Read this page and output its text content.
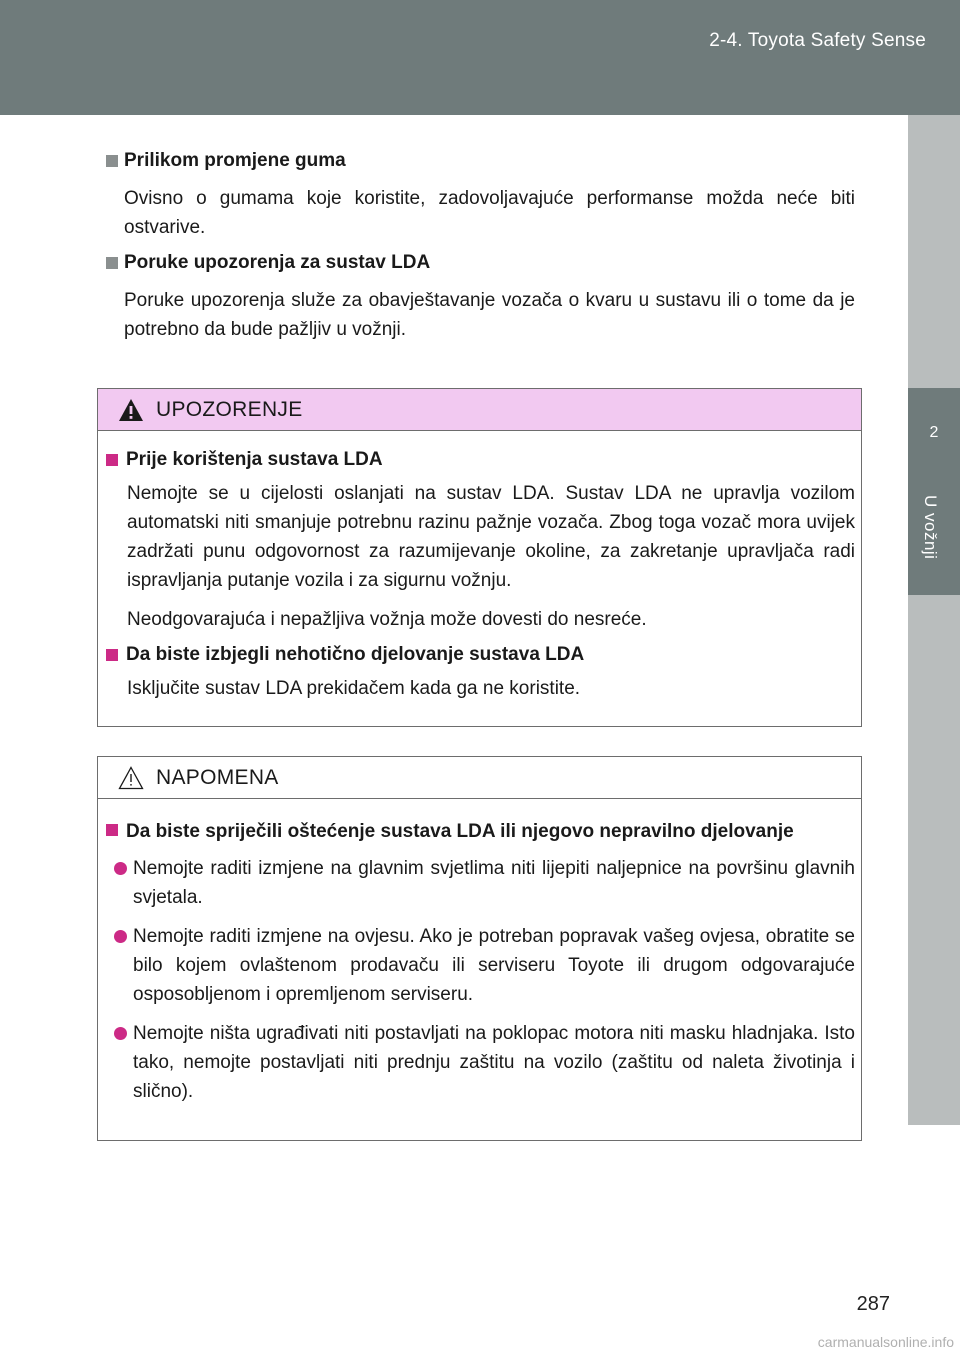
2-4. Toyota Safety Sense
2
U vožnji
Prilikom promjene guma

Ovisno o gumama koje koristite, zadovoljavajuće performanse možda neće biti ostvarive.

Poruke upozorenja za sustav LDA

Poruke upozorenja služe za obavještavanje vozača o kvaru u sustavu ili o tome da je potrebno da bude pažljiv u vožnji.

UPOZORENJE
Prije korištenja sustava LDA

Nemojte se u cijelosti oslanjati na sustav LDA. Sustav LDA ne upravlja vozilom automatski niti smanjuje potrebnu razinu pažnje vozača. Zbog toga vozač mora uvijek zadržati punu odgovornost za razumijevanje okoline, za zakretanje upravljača radi ispravljanja putanje vozila i za sigurnu vožnju.

Neodgovarajuća i nepažljiva vožnja može dovesti do nesreće.

Da biste izbjegli nehotično djelovanje sustava LDA

Isključite sustav LDA prekidačem kada ga ne koristite.

NAPOMENA
Da biste spriječili oštećenje sustava LDA ili njegovo nepravilno djelovanje
Nemojte raditi izmjene na glavnim svjetlima niti lijepiti naljepnice na površinu glavnih svjetala.
Nemojte raditi izmjene na ovjesu. Ako je potreban popravak vašeg ovjesa, obratite se bilo kojem ovlaštenom prodavaču ili serviseru Toyote ili drugom odgovarajuće osposobljenom i opremljenom serviseru.
Nemojte ništa ugrađivati niti postavljati na poklopac motora niti masku hladnjaka. Isto tako, nemojte postavljati niti prednju zaštitu na vozilo (zaštitu od naleta životinja i slično).
287
carmanualsonline.info
